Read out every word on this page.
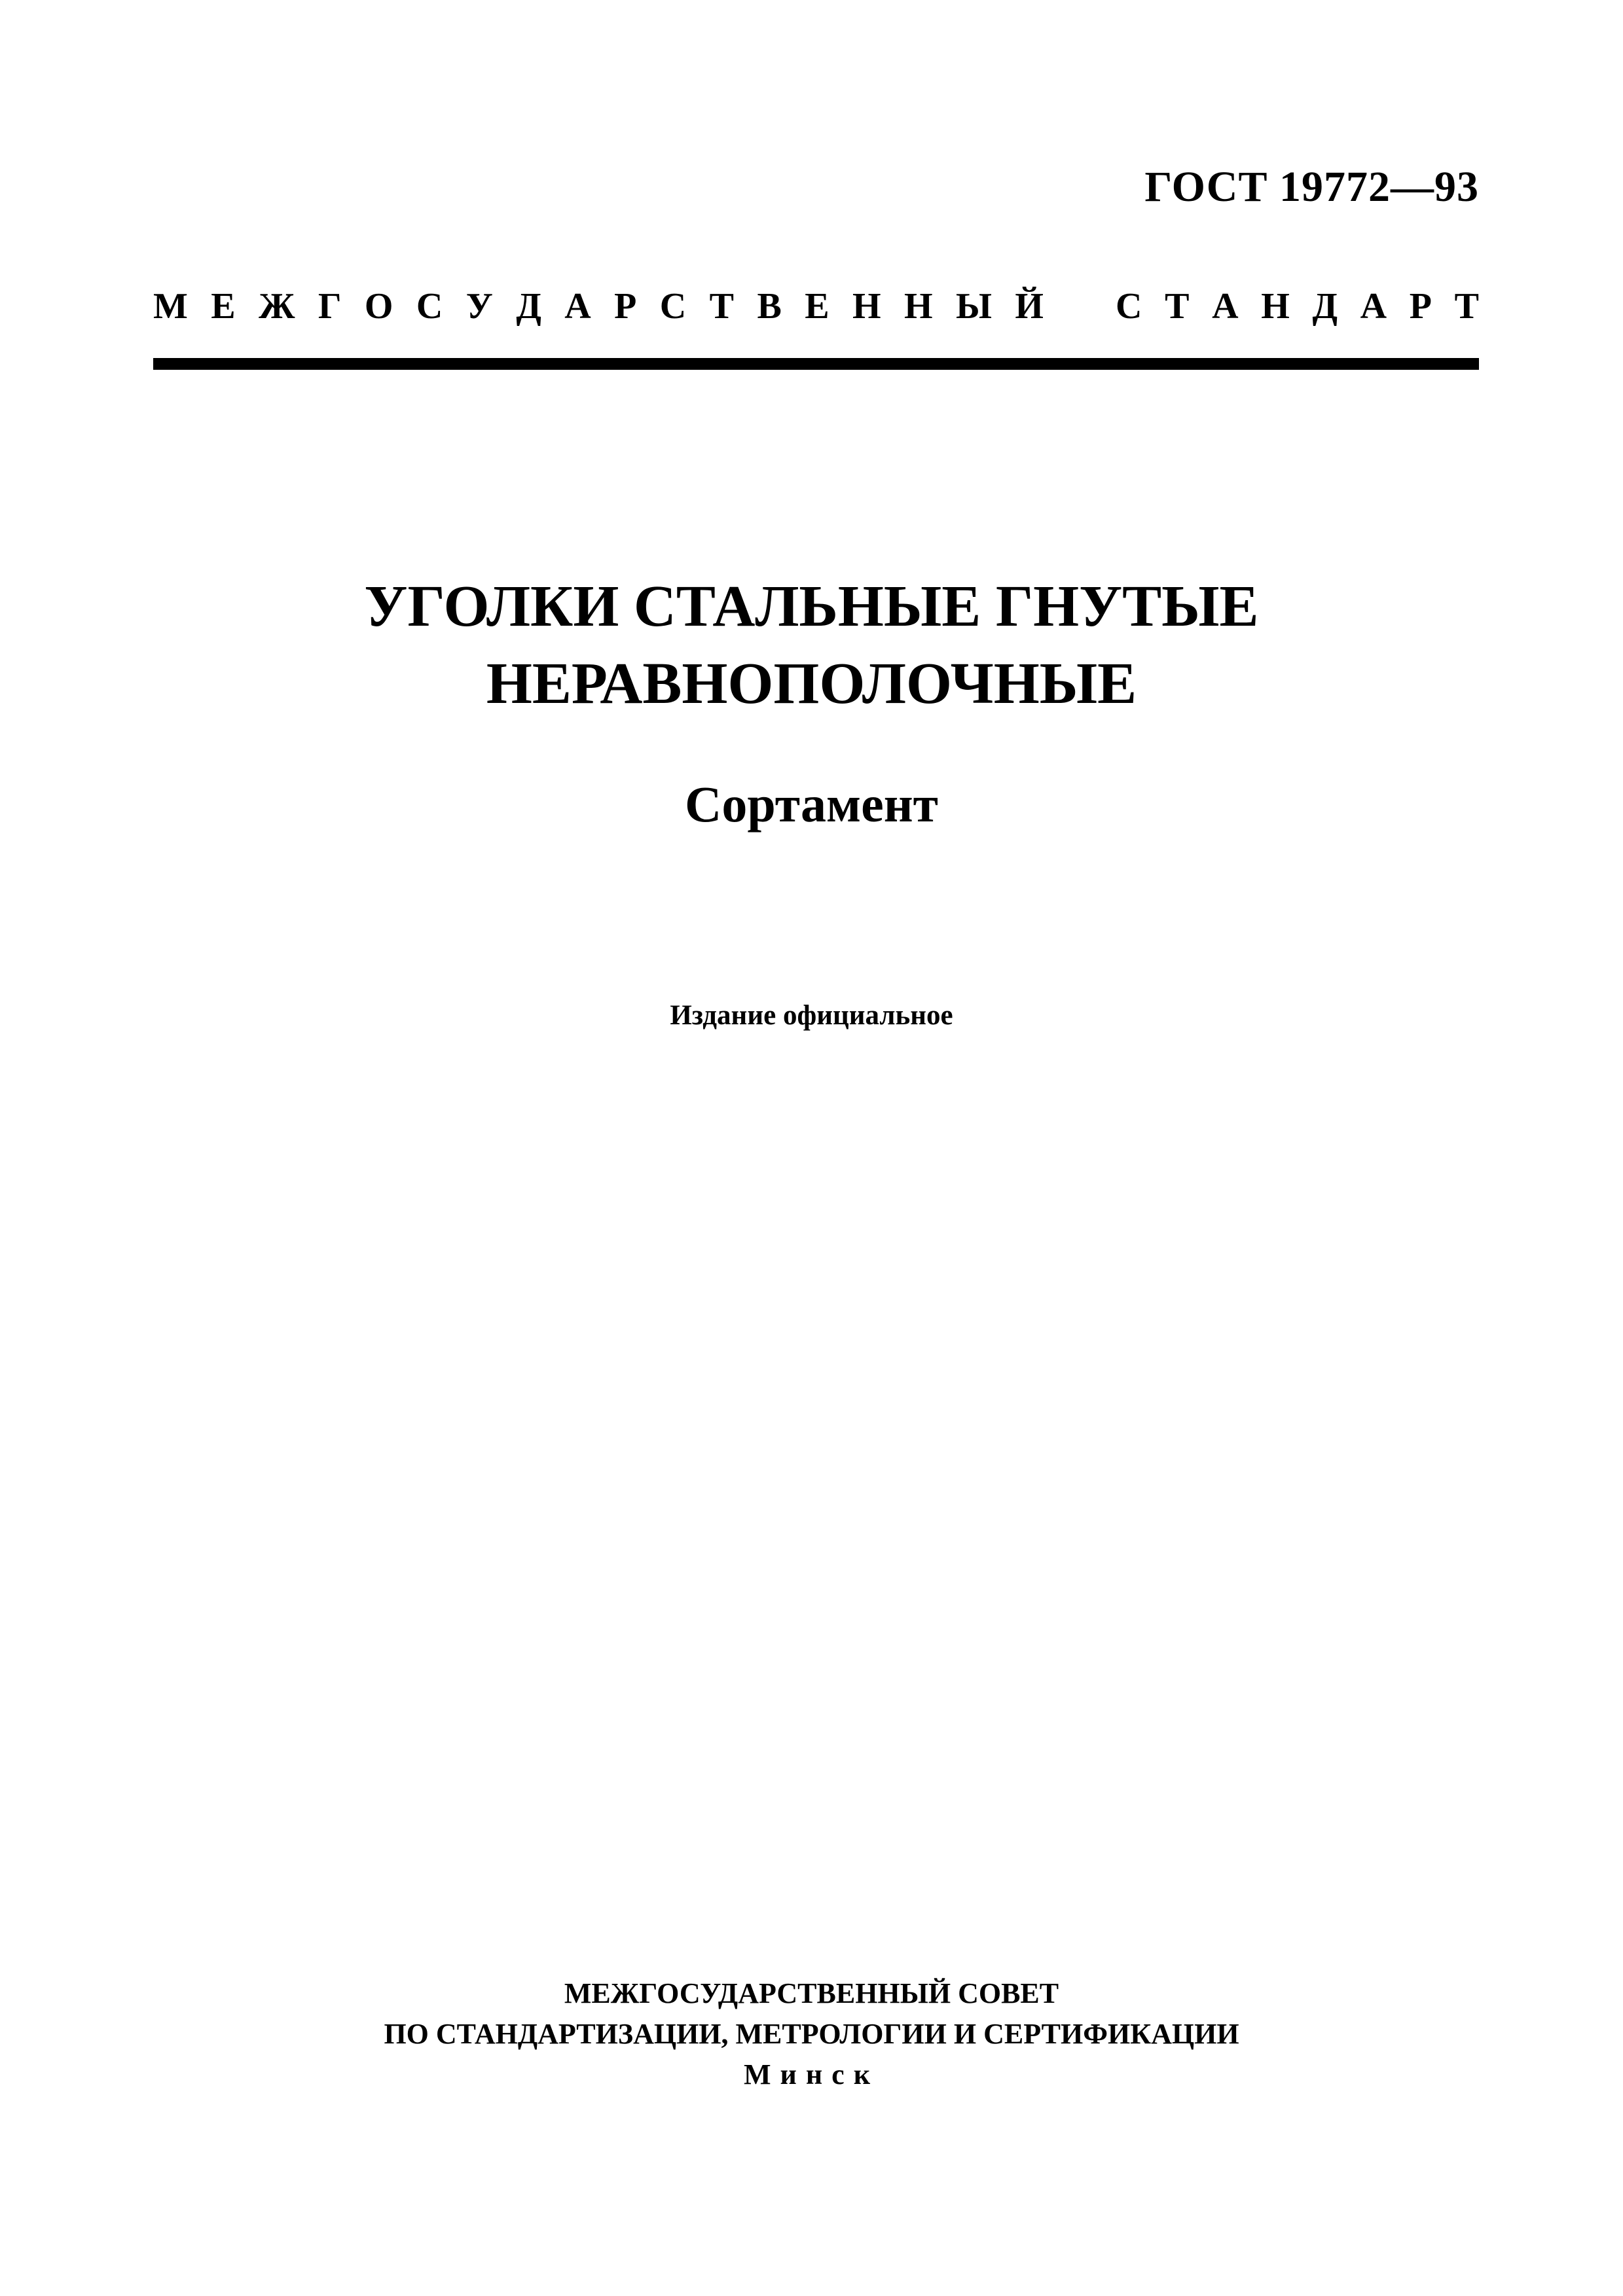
ГОСТ 19772—93
М Е Ж Г О С У Д А Р С Т В Е Н Н Ы Й С Т А Н Д А Р Т
УГОЛКИ СТАЛЬНЫЕ ГНУТЫЕ
НЕРАВНОПОЛОЧНЫЕ
Сортамент
Издание официальное
МЕЖГОСУДАРСТВЕННЫЙ СОВЕТ
ПО СТАНДАРТИЗАЦИИ, МЕТРОЛОГИИ И СЕРТИФИКАЦИИ
Минск
